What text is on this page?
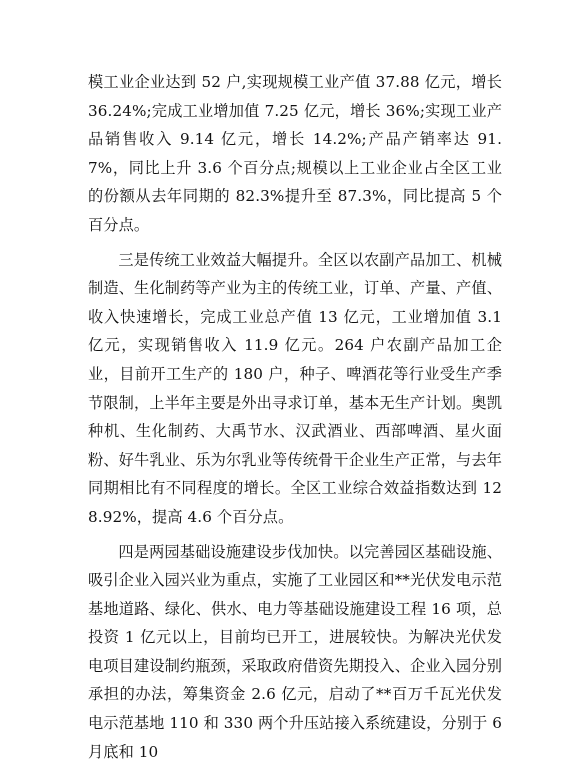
模工业企业达到 52 户,实现规模工业产值 37.88 亿元，增长 36.24%;完成工业增加值 7.25 亿元，增长 36%;实现工业产品销售收入 9.14 亿元，增长 14.2%;产品产销率达 91.7%，同比上升 3.6 个百分点;规模以上工业企业占全区工业的份额从去年同期的 82.3%提升至 87.3%，同比提高 5 个百分点。

三是传统工业效益大幅提升。全区以农副产品加工、机械制造、生化制药等产业为主的传统工业，订单、产量、产值、收入快速增长，完成工业总产值 13 亿元，工业增加值 3.1 亿元，实现销售收入 11.9 亿元。264 户农副产品加工企业，目前开工生产的 180 户，种子、啤酒花等行业受生产季节限制，上半年主要是外出寻求订单，基本无生产计划。奥凯种机、生化制药、大禹节水、汉武酒业、西部啤酒、星火面粉、好牛乳业、乐为尔乳业等传统骨干企业生产正常，与去年同期相比有不同程度的增长。全区工业综合效益指数达到 128.92%，提高 4.6 个百分点。

四是两园基础设施建设步伐加快。以完善园区基础设施、吸引企业入园兴业为重点，实施了工业园区和**光伏发电示范基地道路、绿化、供水、电力等基础设施建设工程 16 项，总投资 1 亿元以上，目前均已开工，进展较快。为解决光伏发电项目建设制约瓶颈，采取政府借资先期投入、企业入园分别承担的办法，筹集资金 2.6 亿元，启动了**百万千瓦光伏发电示范基地 110 和 330 两个升压站接入系统建设，分别于 6 月底和 10
